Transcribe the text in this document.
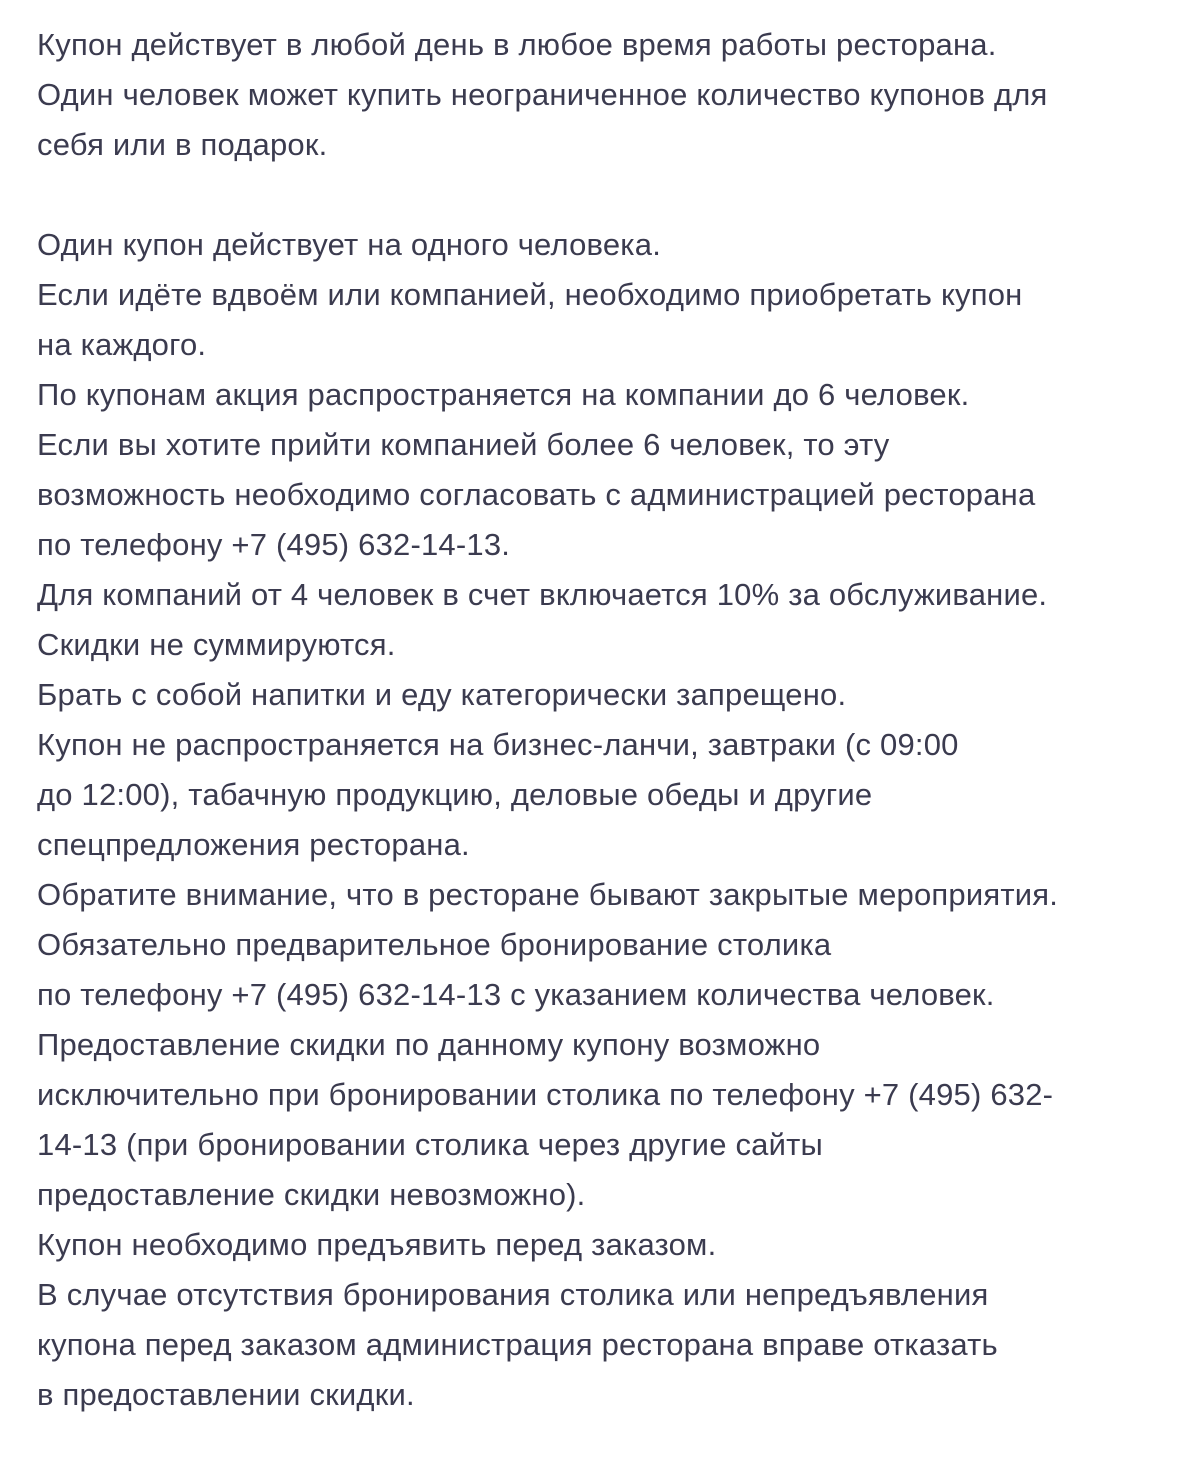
Купон действует в любой день в любое время работы ресторана.
Один человек может купить неограниченное количество купонов для
себя или в подарок.

Один купон действует на одного человека.
Если идёте вдвоём или компанией, необходимо приобретать купон
на каждого.
По купонам акция распространяется на компании до 6 человек.
Если вы хотите прийти компанией более 6 человек, то эту
возможность необходимо согласовать с администрацией ресторана
по телефону +7 (495) 632-14-13.
Для компаний от 4 человек в счет включается 10% за обслуживание.
Скидки не суммируются.
Брать с собой напитки и еду категорически запрещено.
Купон не распространяется на бизнес-ланчи, завтраки (с 09:00
до 12:00), табачную продукцию, деловые обеды и другие
спецпредложения ресторана.
Обратите внимание, что в ресторане бывают закрытые мероприятия.
Обязательно предварительное бронирование столика
по телефону +7 (495) 632-14-13 с указанием количества человек.
Предоставление скидки по данному купону возможно
исключительно при бронировании столика по телефону +7 (495) 632-
14-13 (при бронировании столика через другие сайты
предоставление скидки невозможно).
Купон необходимо предъявить перед заказом.
В случае отсутствия бронирования столика или непредъявления
купона перед заказом администрация ресторана вправе отказать
в предоставлении скидки.
